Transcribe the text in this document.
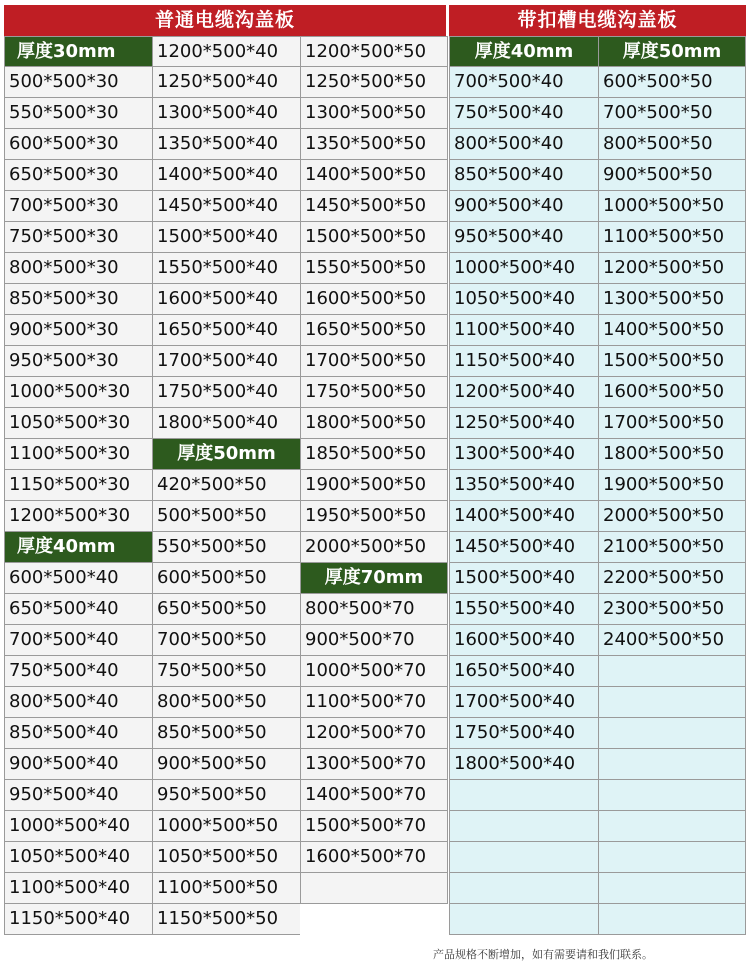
普通电缆沟盖板	带扣槽电缆沟盖板
厚度30mm
500*500*30
550*500*30
600*500*30
650*500*30
700*500*30
750*500*30
800*500*30
850*500*30
900*500*30
950*500*30
1000*500*30
1050*500*30
1100*500*30
1150*500*30
1200*500*30
厚度40mm
600*500*40
650*500*40
700*500*40
750*500*40
800*500*40
850*500*40
900*500*40
950*500*40
1000*500*40
1050*500*40
1100*500*40
1150*500*40
1200*500*40
1250*500*40
1300*500*40
1350*500*40
1400*500*40
1450*500*40
1500*500*40
1550*500*40
1600*500*40
1650*500*40
1700*500*40
1750*500*40
1800*500*40
厚度50mm
420*500*50
500*500*50
550*500*50
600*500*50
650*500*50
700*500*50
750*500*50
800*500*50
850*500*50
900*500*50
950*500*50
1000*500*50
1050*500*50
1100*500*50
1150*500*50
1200*500*50
1250*500*50
1300*500*50
1350*500*50
1400*500*50
1450*500*50
1500*500*50
1550*500*50
1600*500*50
1650*500*50
1700*500*50
1750*500*50
1800*500*50
1850*500*50
1900*500*50
1950*500*50
2000*500*50
厚度70mm
800*500*70
900*500*70
1000*500*70
1100*500*70
1200*500*70
1300*500*70
1400*500*70
1500*500*70
1600*500*70
厚度40mm
700*500*40
750*500*40
800*500*40
850*500*40
900*500*40
950*500*40
1000*500*40
1050*500*40
1100*500*40
1150*500*40
1200*500*40
1250*500*40
1300*500*40
1350*500*40
1400*500*40
1450*500*40
1500*500*40
1550*500*40
1600*500*40
1650*500*40
1700*500*40
1750*500*40
1800*500*40
厚度50mm
600*500*50
700*500*50
800*500*50
900*500*50
1000*500*50
1100*500*50
1200*500*50
1300*500*50
1400*500*50
1500*500*50
1600*500*50
1700*500*50
1800*500*50
1900*500*50
2000*500*50
2100*500*50
2200*500*50
2300*500*50
2400*500*50
产品规格不断增加，如有需要请和我们联系。
